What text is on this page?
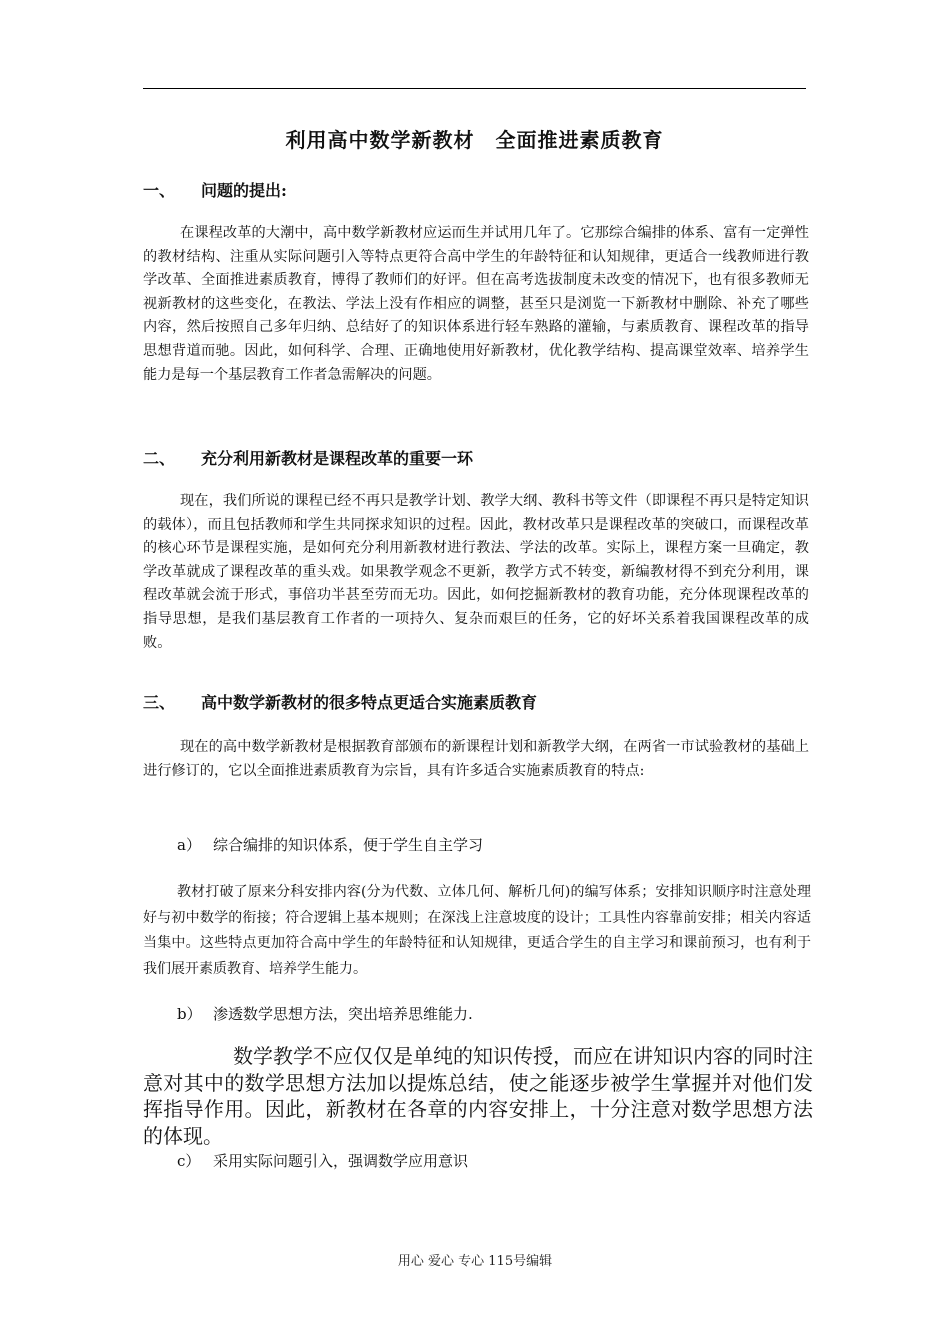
利用高中数学新教材　全面推进素质教育
一、 问题的提出:

在课程改革的大潮中，高中数学新教材应运而生并试用几年了。它那综合编排的体系、富有一定弹性的教材结构、注重从实际问题引入等特点更符合高中学生的年龄特征和认知规律，更适合一线教师进行教学改革、全面推进素质教育，博得了教师们的好评。但在高考选拔制度未改变的情况下，也有很多教师无视新教材的这些变化，在教法、学法上没有作相应的调整，甚至只是浏览一下新教材中删除、补充了哪些内容，然后按照自己多年归纳、总结好了的知识体系进行轻车熟路的灌输，与素质教育、课程改革的指导思想背道而驰。因此，如何科学、合理、正确地使用好新教材，优化教学结构、提高课堂效率、培养学生能力是每一个基层教育工作者急需解决的问题。

二、 充分利用新教材是课程改革的重要一环

现在，我们所说的课程已经不再只是教学计划、教学大纲、教科书等文件（即课程不再只是特定知识的载体），而且包括教师和学生共同探求知识的过程。因此，教材改革只是课程改革的突破口，而课程改革的核心环节是课程实施，是如何充分利用新教材进行教法、学法的改革。实际上，课程方案一旦确定，教学改革就成了课程改革的重头戏。如果教学观念不更新，教学方式不转变，新编教材得不到充分利用，课程改革就会流于形式，事倍功半甚至劳而无功。因此，如何挖掘新教材的教育功能，充分体现课程改革的指导思想，是我们基层教育工作者的一项持久、复杂而艰巨的任务，它的好坏关系着我国课程改革的成败。

三、 高中数学新教材的很多特点更适合实施素质教育

现在的高中数学新教材是根据教育部颁布的新课程计划和新教学大纲，在两省一市试验教材的基础上进行修订的，它以全面推进素质教育为宗旨，具有许多适合实施素质教育的特点:

a） 综合编排的知识体系，便于学生自主学习

教材打破了原来分科安排内容(分为代数、立体几何、解析几何)的编写体系；安排知识顺序时注意处理好与初中数学的衔接；符合逻辑上基本规则；在深浅上注意坡度的设计；工具性内容靠前安排；相关内容适当集中。这些特点更加符合高中学生的年龄特征和认知规律，更适合学生的自主学习和课前预习，也有利于我们展开素质教育、培养学生能力。

b） 渗透数学思想方法，突出培养思维能力.

数学教学不应仅仅是单纯的知识传授，而应在讲知识内容的同时注意对其中的数学思想方法加以提炼总结，使之能逐步被学生掌握并对他们发挥指导作用。因此，新教材在各章的内容安排上，十分注意对数学思想方法的体现。

c） 采用实际问题引入，强调数学应用意识
用心 爱心 专心 115号编辑
